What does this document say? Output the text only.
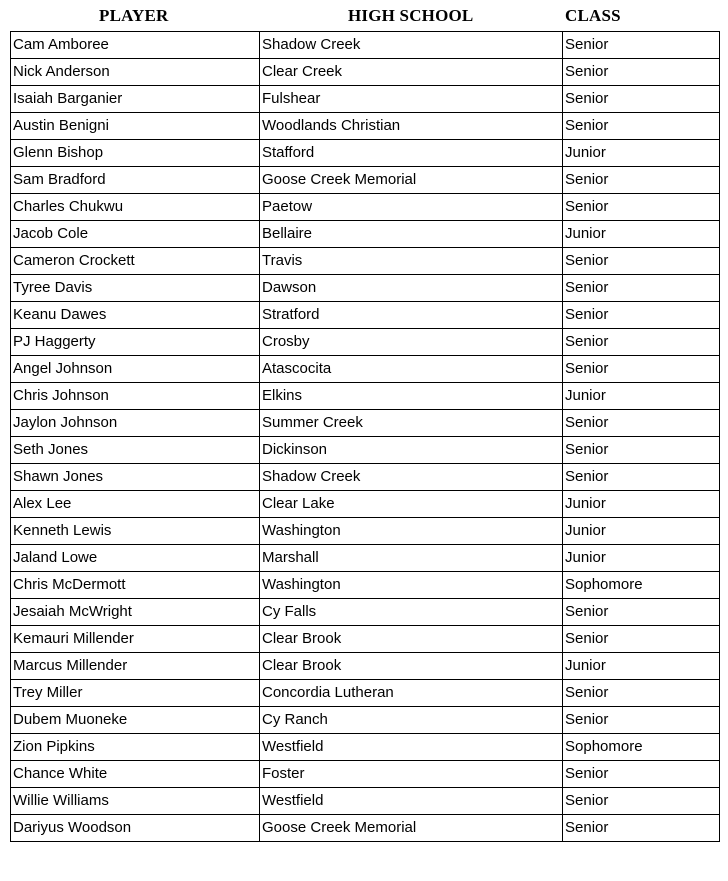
PLAYER	HIGH SCHOOL	CLASS
Cam Amboree	Shadow Creek	Senior
Nick Anderson	Clear Creek	Senior
Isaiah Barganier	Fulshear	Senior
Austin Benigni	Woodlands Christian	Senior
Glenn Bishop	Stafford	Junior
Sam Bradford	Goose Creek Memorial	Senior
Charles Chukwu	Paetow	Senior
Jacob Cole	Bellaire	Junior
Cameron Crockett	Travis	Senior
Tyree Davis	Dawson	Senior
Keanu Dawes	Stratford	Senior
PJ Haggerty	Crosby	Senior
Angel Johnson	Atascocita	Senior
Chris Johnson	Elkins	Junior
Jaylon Johnson	Summer Creek	Senior
Seth Jones	Dickinson	Senior
Shawn Jones	Shadow Creek	Senior
Alex Lee	Clear Lake	Junior
Kenneth Lewis	Washington	Junior
Jaland Lowe	Marshall	Junior
Chris McDermott	Washington	Sophomore
Jesaiah McWright	Cy Falls	Senior
Kemauri Millender	Clear Brook	Senior
Marcus Millender	Clear Brook	Junior
Trey Miller	Concordia Lutheran	Senior
Dubem Muoneke	Cy Ranch	Senior
Zion Pipkins	Westfield	Sophomore
Chance White	Foster	Senior
Willie Williams	Westfield	Senior
Dariyus Woodson	Goose Creek Memorial	Senior
